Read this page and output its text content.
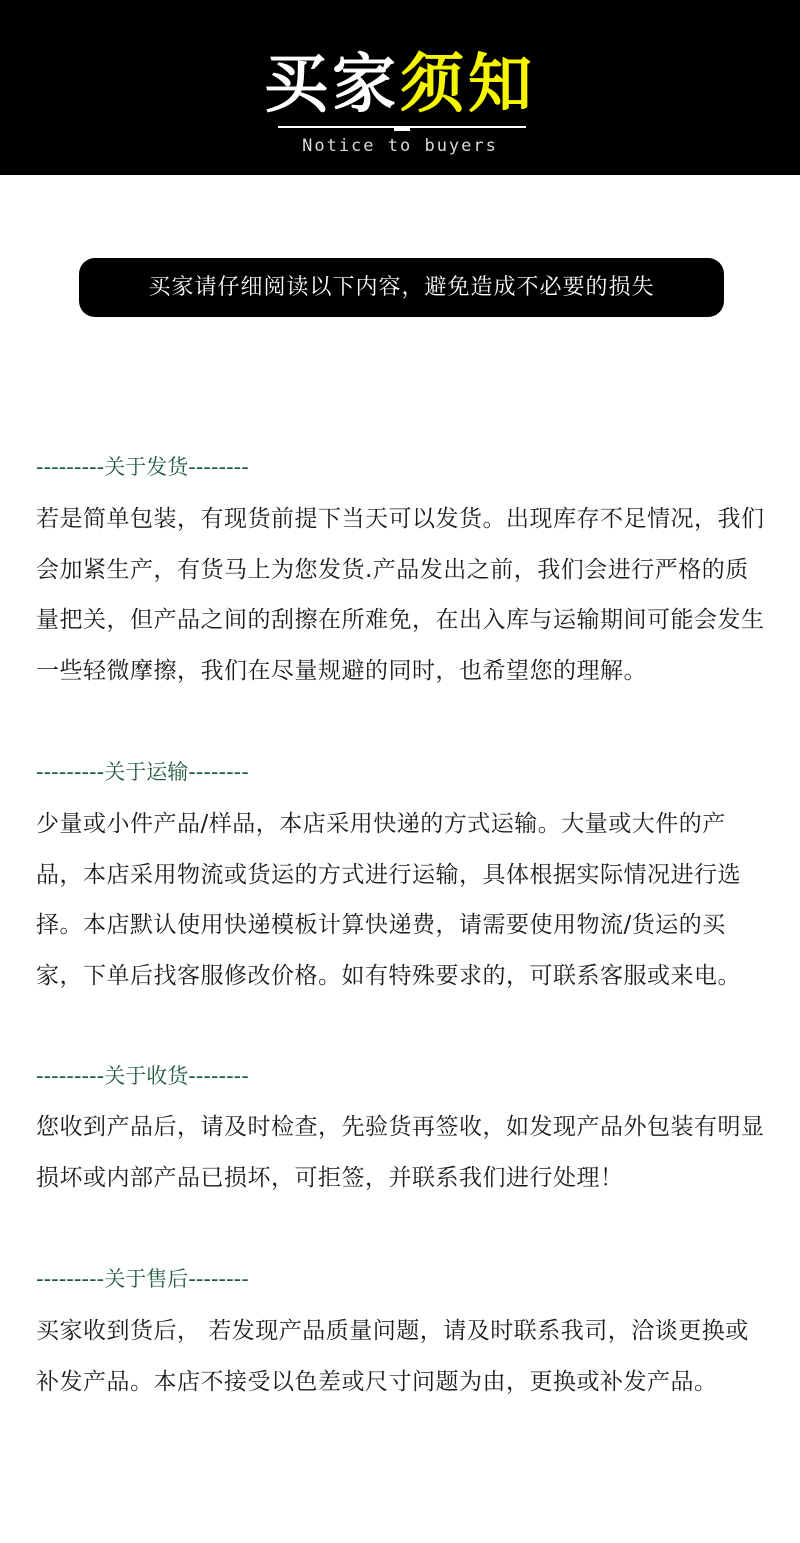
买家须知
Notice to buyers
买家请仔细阅读以下内容，避免造成不必要的损失
---------关于发货--------
若是简单包装，有现货前提下当天可以发货。出现库存不足情况，我们会加紧生产，有货马上为您发货.产品发出之前，我们会进行严格的质量把关，但产品之间的刮擦在所难免，在出入库与运输期间可能会发生一些轻微摩擦，我们在尽量规避的同时，也希望您的理解。
---------关于运输--------
少量或小件产品/样品，本店采用快递的方式运输。大量或大件的产品，本店采用物流或货运的方式进行运输，具体根据实际情况进行选择。本店默认使用快递模板计算快递费，请需要使用物流/货运的买家，下单后找客服修改价格。如有特殊要求的，可联系客服或来电。
---------关于收货--------
您收到产品后，请及时检查，先验货再签收，如发现产品外包装有明显损坏或内部产品已损坏，可拒签，并联系我们进行处理！
---------关于售后--------
买家收到货后， 若发现产品质量问题，请及时联系我司，洽谈更换或补发产品。本店不接受以色差或尺寸问题为由，更换或补发产品。
